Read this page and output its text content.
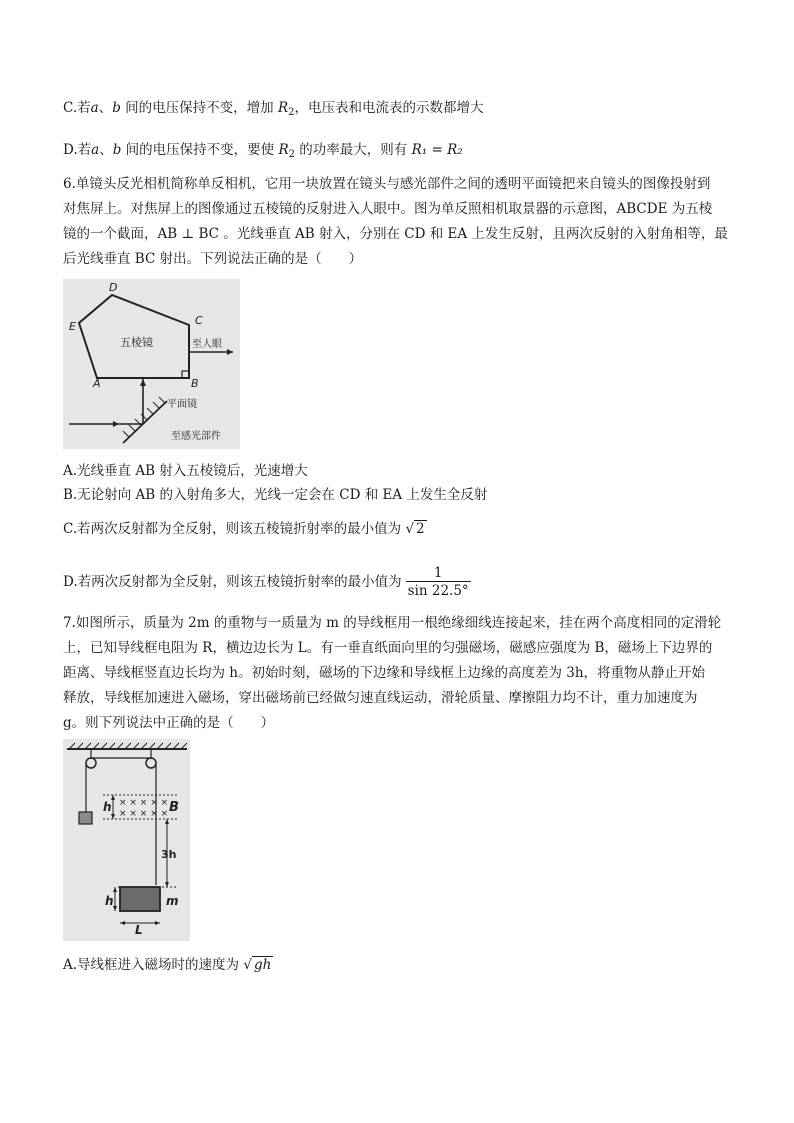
C.若a、b 间的电压保持不变，增加 $R_2$，电压表和电流表的示数都增大
D.若a、b 间的电压保持不变，要使 $R_2$ 的功率最大，则有 R₁ = R₂
6.单镜头反光相机简称单反相机，它用一块放置在镜头与感光部件之间的透明平面镜把来自镜头的图像投射到
对焦屏上。对焦屏上的图像通过五棱镜的反射进入人眼中。图为单反照相机取景器的示意图，ABCDE 为五棱
镜的一个截面，AB ⊥ BC 。光线垂直 AB 射入，分别在 CD 和 EA 上发生反射，且两次反射的入射角相等，最
后光线垂直 BC 射出。下列说法正确的是（　　）
D
C
E
A	B
五棱镜	至人眼
平面镜
至感光部件
A.光线垂直 AB 射入五棱镜后，光速增大
B.无论射向 AB 的入射角多大，光线一定会在 CD 和 EA 上发生全反射
C.若两次反射都为全反射，则该五棱镜折射率的最小值为 √ 2
D.若两次反射都为全反射，则该五棱镜折射率的最小值为 $\frac{1}{\sin 22.5^\circ}$
7.如图所示，质量为 2m 的重物与一质量为 m 的导线框用一根绝缘细线连接起来，挂在两个高度相同的定滑轮
上，已知导线框电阻为 R，横边边长为 L。有一垂直纸面向里的匀强磁场，磁感应强度为 B，磁场上下边界的
距离、导线框竖直边长均为 h。初始时刻，磁场的下边缘和导线框上边缘的高度差为 3h，将重物从静止开始
释放，导线框加速进入磁场，穿出磁场前已经做匀速直线运动，滑轮质量、摩擦阻力均不计，重力加速度为
g。则下列说法中正确的是（　　）
× × × × ×
× × × × ×
h	B
3h
h	m
L
A.导线框进入磁场时的速度为 √ gh
